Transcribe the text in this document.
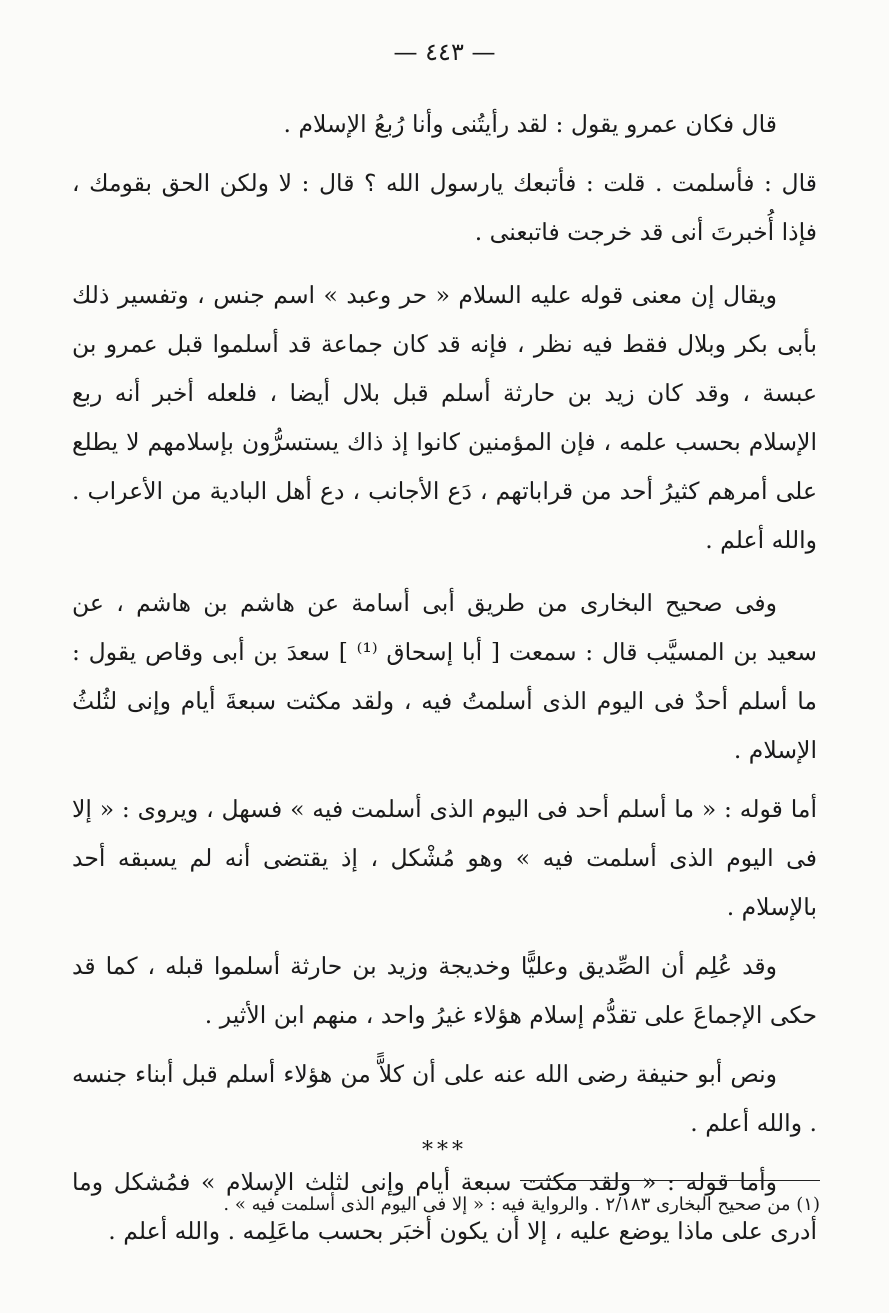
— ٤٤٣ —

قال فكان عمرو يقول : لقد رأيتُنى وأنا رُبعُ الإسلام .

قال : فأسلمت . قلت : فأتبعك يارسول الله ؟ قال : لا ولكن الحق بقومك ، فإذا أُخبرتَ أنى قد خرجت فاتبعنى .

ويقال إن معنى قوله عليه السلام « حر وعبد » اسم جنس ، وتفسير ذلك بأبى بكر وبلال فقط فيه نظر ، فإنه قد كان جماعة قد أسلموا قبل عمرو بن عبسة ، وقد كان زيد بن حارثة أسلم قبل بلال أيضا ، فلعله أخبر أنه ربع الإسلام بحسب علمه ، فإن المؤمنين كانوا إذ ذاك يستسرُّون بإسلامهم لا يطلع على أمرهم كثيرُ أحد من قراباتهم ، دَع الأجانب ، دع أهل البادية من الأعراب . والله أعلم .

وفى صحيح البخارى من طريق أبى أسامة عن هاشم بن هاشم ، عن سعيد بن المسيَّب قال : سمعت [ أبا إسحاق ⁽¹⁾ ] سعدَ بن أبى وقاص يقول : ما أسلم أحدٌ فى اليوم الذى أسلمتُ فيه ، ولقد مكثت سبعةَ أيام وإنى لثُلثُ الإسلام .

أما قوله : « ما أسلم أحد فى اليوم الذى أسلمت فيه » فسهل ، ويروى : « إلا فى اليوم الذى أسلمت فيه » وهو مُشْكل ، إذ يقتضى أنه لم يسبقه أحد بالإسلام .

وقد عُلِم أن الصِّديق وعليًّا وخديجة وزيد بن حارثة أسلموا قبله ، كما قد حكى الإجماعَ على تقدُّم إسلام هؤلاء غيرُ واحد ، منهم ابن الأثير .

ونص أبو حنيفة رضى الله عنه على أن كلاًّ من هؤلاء أسلم قبل أبناء جنسه . والله أعلم .

وأما قوله : « ولقد مكثت سبعة أيام وإنى لثلث الإسلام » فمُشكل وما أدرى على ماذا يوضع عليه ، إلا أن يكون أخبَر بحسب ماعَلِمه . والله أعلم .

***
(١) من صحيح البخارى ٢/١٨٣ . والرواية فيه : « إلا فى اليوم الذى أسلمت فيه » .
